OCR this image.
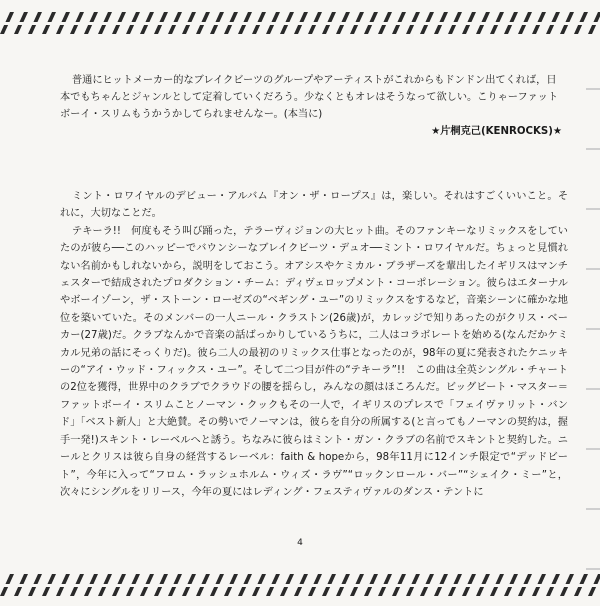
普通にヒットメーカー的なブレイクビーツのグループやアーティストがこれからもドンドン出てくれば，日本でもちゃんとジャンルとして定着していくだろう。少なくともオレはそうなって欲しい。こりゃーファットボーイ・スリムもうかうかしてられませんなー。(本当に)

★片桐克己(KENROCKS)★

ミント・ロワイヤルのデビュー・アルバム『オン・ザ・ロープス』は，楽しい。それはすごくいいこと。それに，大切なことだ。

テキーラ!!　何度もそう叫び踊った，テラーヴィジョンの大ヒット曲。そのファンキーなリミックスをしていたのが彼ら──このハッピーでバウンシーなブレイクビーツ・デュオ──ミント・ロワイヤルだ。ちょっと見慣れない名前かもしれないから，説明をしておこう。オアシスやケミカル・ブラザーズを輩出したイギリスはマンチェスターで結成されたプロダクション・チーム：ディヴェロップメント・コーポレーション。彼らはエターナルやボーイゾーン，ザ・ストーン・ローゼズの“ベギング・ユー”のリミックスをするなど，音楽シーンに確かな地位を築いていた。そのメンバーの一人ニール・クラストン(26歳)が，カレッジで知りあったのがクリス・ベーカー(27歳)だ。クラブなんかで音楽の話ばっかりしているうちに，二人はコラボレートを始める(なんだかケミカル兄弟の話にそっくりだ)。彼ら二人の最初のリミックス仕事となったのが，98年の夏に発表されたケニッキーの“アイ・ウッド・フィックス・ユー”。そして二つ目が件の“テキーラ”!!　この曲は全英シングル・チャートの2位を獲得，世界中のクラブでクラウドの腰を揺らし，みんなの顔はほころんだ。ビッグビート・マスター＝ファットボーイ・スリムことノーマン・クックもその一人で，イギリスのプレスで「フェイヴァリット・バンド」「ベスト新人」と大絶賛。その勢いでノーマンは，彼らを自分の所属する(と言ってもノーマンの契約は，握手一発!)スキント・レーベルへと誘う。ちなみに彼らはミント・ガン・クラブの名前でスキントと契約した。ニールとクリスは彼ら自身の経営するレーベル：faith & hopeから，98年11月に12インチ限定で“デッドビート”，今年に入って“フロム・ラッシュホルム・ウィズ・ラヴ”“ロックンロール・バー”“シェイク・ミー”と，次々にシングルをリリース，今年の夏にはレディング・フェスティヴァルのダンス・テントに

4
